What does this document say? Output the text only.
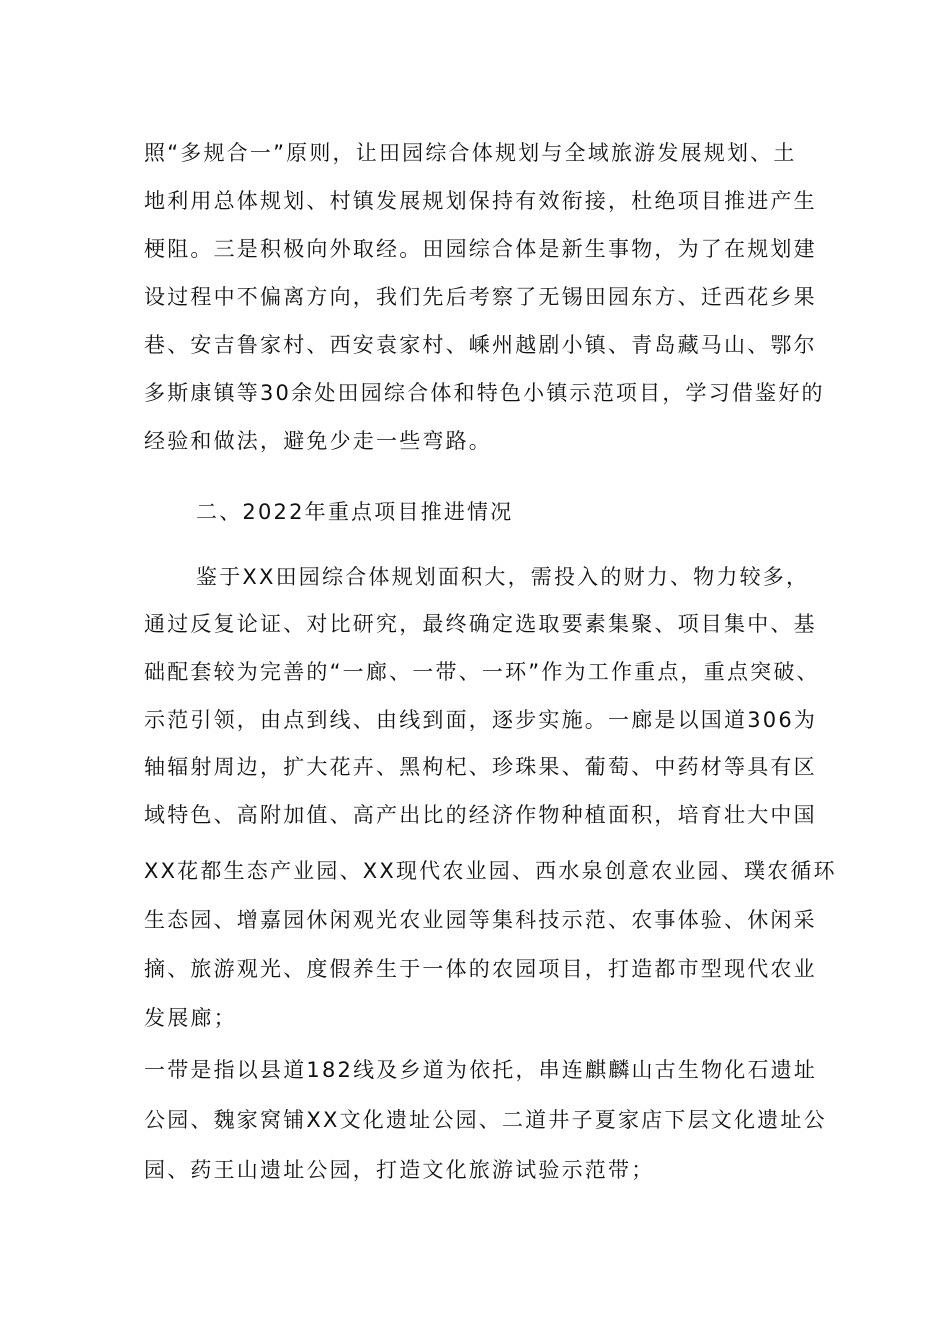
照“多规合一”原则，让田园综合体规划与全域旅游发展规划、土
地利用总体规划、村镇发展规划保持有效衔接，杜绝项目推进产生
梗阻。三是积极向外取经。田园综合体是新生事物，为了在规划建
设过程中不偏离方向，我们先后考察了无锡田园东方、迁西花乡果
巷、安吉鲁家村、西安袁家村、嵊州越剧小镇、青岛藏马山、鄂尔
多斯康镇等30余处田园综合体和特色小镇示范项目，学习借鉴好的
经验和做法，避免少走一些弯路。
二、2022年重点项目推进情况
鉴于XX田园综合体规划面积大，需投入的财力、物力较多，
通过反复论证、对比研究，最终确定选取要素集聚、项目集中、基
础配套较为完善的“一廊、一带、一环”作为工作重点，重点突破、
示范引领，由点到线、由线到面，逐步实施。一廊是以国道306为
轴辐射周边，扩大花卉、黑枸杞、珍珠果、葡萄、中药材等具有区
域特色、高附加值、高产出比的经济作物种植面积，培育壮大中国
XX花都生态产业园、XX现代农业园、西水泉创意农业园、璞农循环
生态园、增嘉园休闲观光农业园等集科技示范、农事体验、休闲采
摘、旅游观光、度假养生于一体的农园项目，打造都市型现代农业
发展廊；
一带是指以县道182线及乡道为依托，串连麒麟山古生物化石遗址
公园、魏家窝铺XX文化遗址公园、二道井子夏家店下层文化遗址公
园、药王山遗址公园，打造文化旅游试验示范带；
